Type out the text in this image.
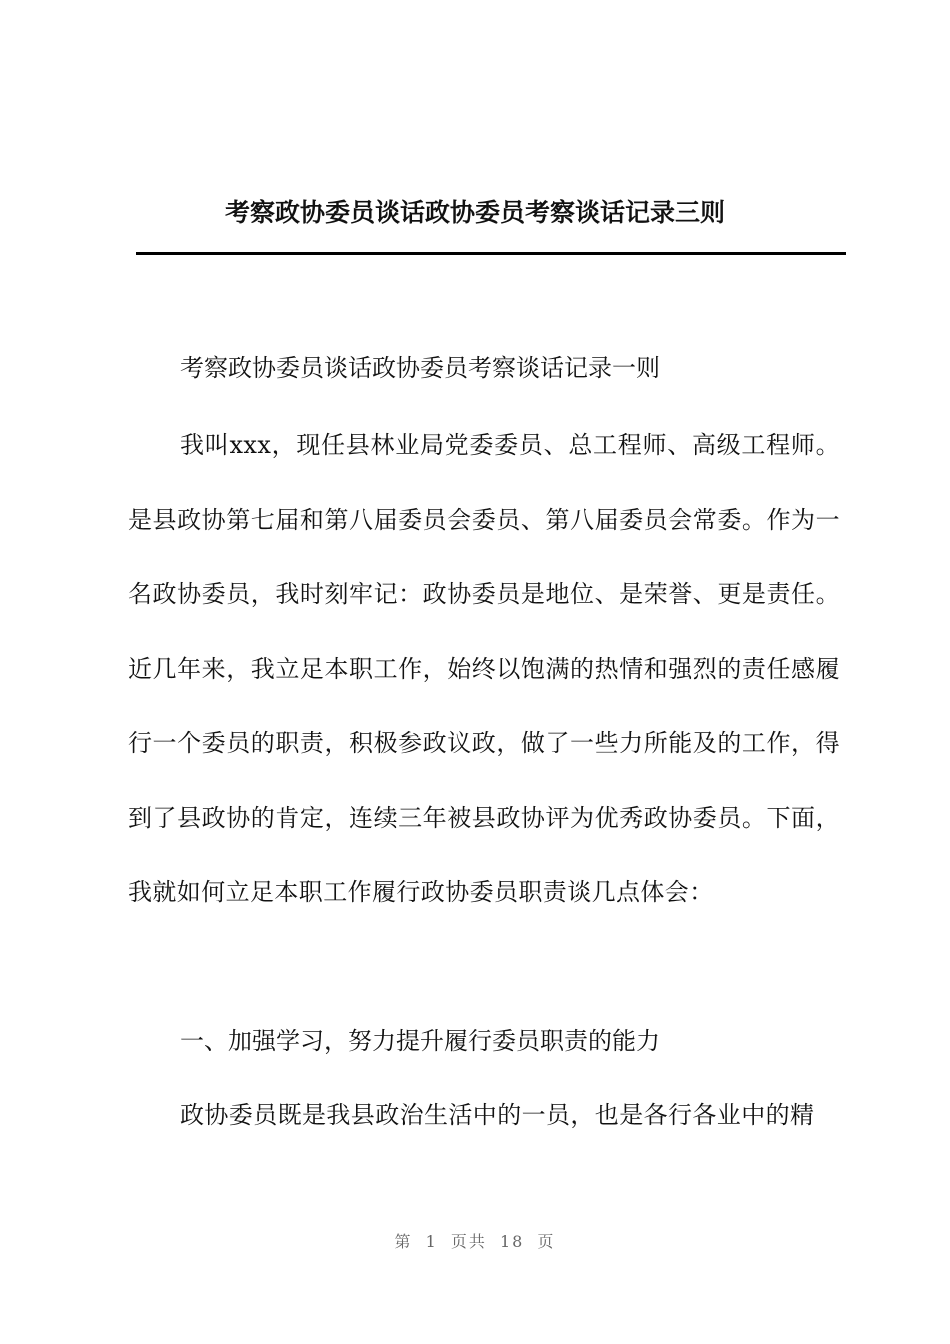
考察政协委员谈话政协委员考察谈话记录三则
考察政协委员谈话政协委员考察谈话记录一则

我叫xxx，现任县林业局党委委员、总工程师、高级工程师。是县政协第七届和第八届委员会委员、第八届委员会常委。作为一名政协委员，我时刻牢记：政协委员是地位、是荣誉、更是责任。近几年来，我立足本职工作，始终以饱满的热情和强烈的责任感履行一个委员的职责，积极参政议政，做了一些力所能及的工作，得到了县政协的肯定，连续三年被县政协评为优秀政协委员。下面，我就如何立足本职工作履行政协委员职责谈几点体会：

一、加强学习，努力提升履行委员职责的能力

政协委员既是我县政治生活中的一员，也是各行各业中的精

第 1 页共 18 页
